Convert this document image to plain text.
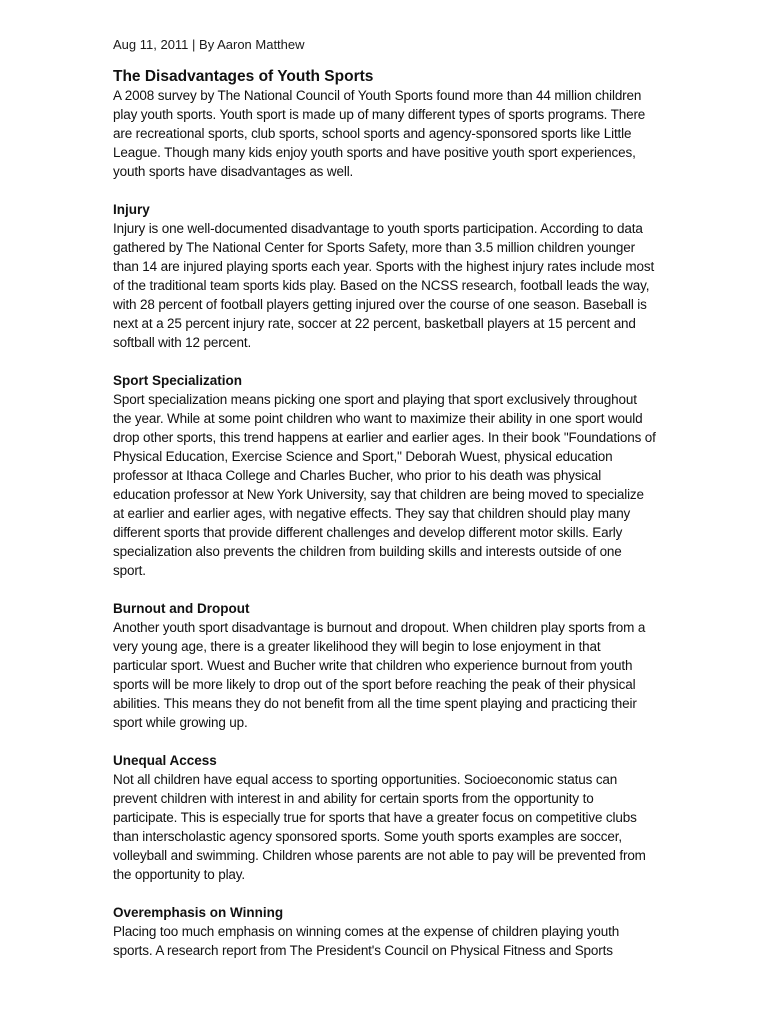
Aug 11, 2011 | By Aaron Matthew
The Disadvantages of Youth Sports

A 2008 survey by The National Council of Youth Sports found more than 44 million children play youth sports. Youth sport is made up of many different types of sports programs. There are recreational sports, club sports, school sports and agency-sponsored sports like Little League. Though many kids enjoy youth sports and have positive youth sport experiences, youth sports have disadvantages as well.

Injury

Injury is one well-documented disadvantage to youth sports participation. According to data gathered by The National Center for Sports Safety, more than 3.5 million children younger than 14 are injured playing sports each year. Sports with the highest injury rates include most of the traditional team sports kids play. Based on the NCSS research, football leads the way, with 28 percent of football players getting injured over the course of one season. Baseball is next at a 25 percent injury rate, soccer at 22 percent, basketball players at 15 percent and softball with 12 percent.

Sport Specialization

Sport specialization means picking one sport and playing that sport exclusively throughout the year. While at some point children who want to maximize their ability in one sport would drop other sports, this trend happens at earlier and earlier ages. In their book "Foundations of Physical Education, Exercise Science and Sport," Deborah Wuest, physical education professor at Ithaca College and Charles Bucher, who prior to his death was physical education professor at New York University, say that children are being moved to specialize at earlier and earlier ages, with negative effects. They say that children should play many different sports that provide different challenges and develop different motor skills. Early specialization also prevents the children from building skills and interests outside of one sport.

Burnout and Dropout

Another youth sport disadvantage is burnout and dropout. When children play sports from a very young age, there is a greater likelihood they will begin to lose enjoyment in that particular sport. Wuest and Bucher write that children who experience burnout from youth sports will be more likely to drop out of the sport before reaching the peak of their physical abilities. This means they do not benefit from all the time spent playing and practicing their sport while growing up.

Unequal Access

Not all children have equal access to sporting opportunities. Socioeconomic status can prevent children with interest in and ability for certain sports from the opportunity to participate. This is especially true for sports that have a greater focus on competitive clubs than interscholastic agency sponsored sports. Some youth sports examples are soccer, volleyball and swimming. Children whose parents are not able to pay will be prevented from the opportunity to play.

Overemphasis on Winning

Placing too much emphasis on winning comes at the expense of children playing youth sports. A research report from The President's Council on Physical Fitness and Sports
